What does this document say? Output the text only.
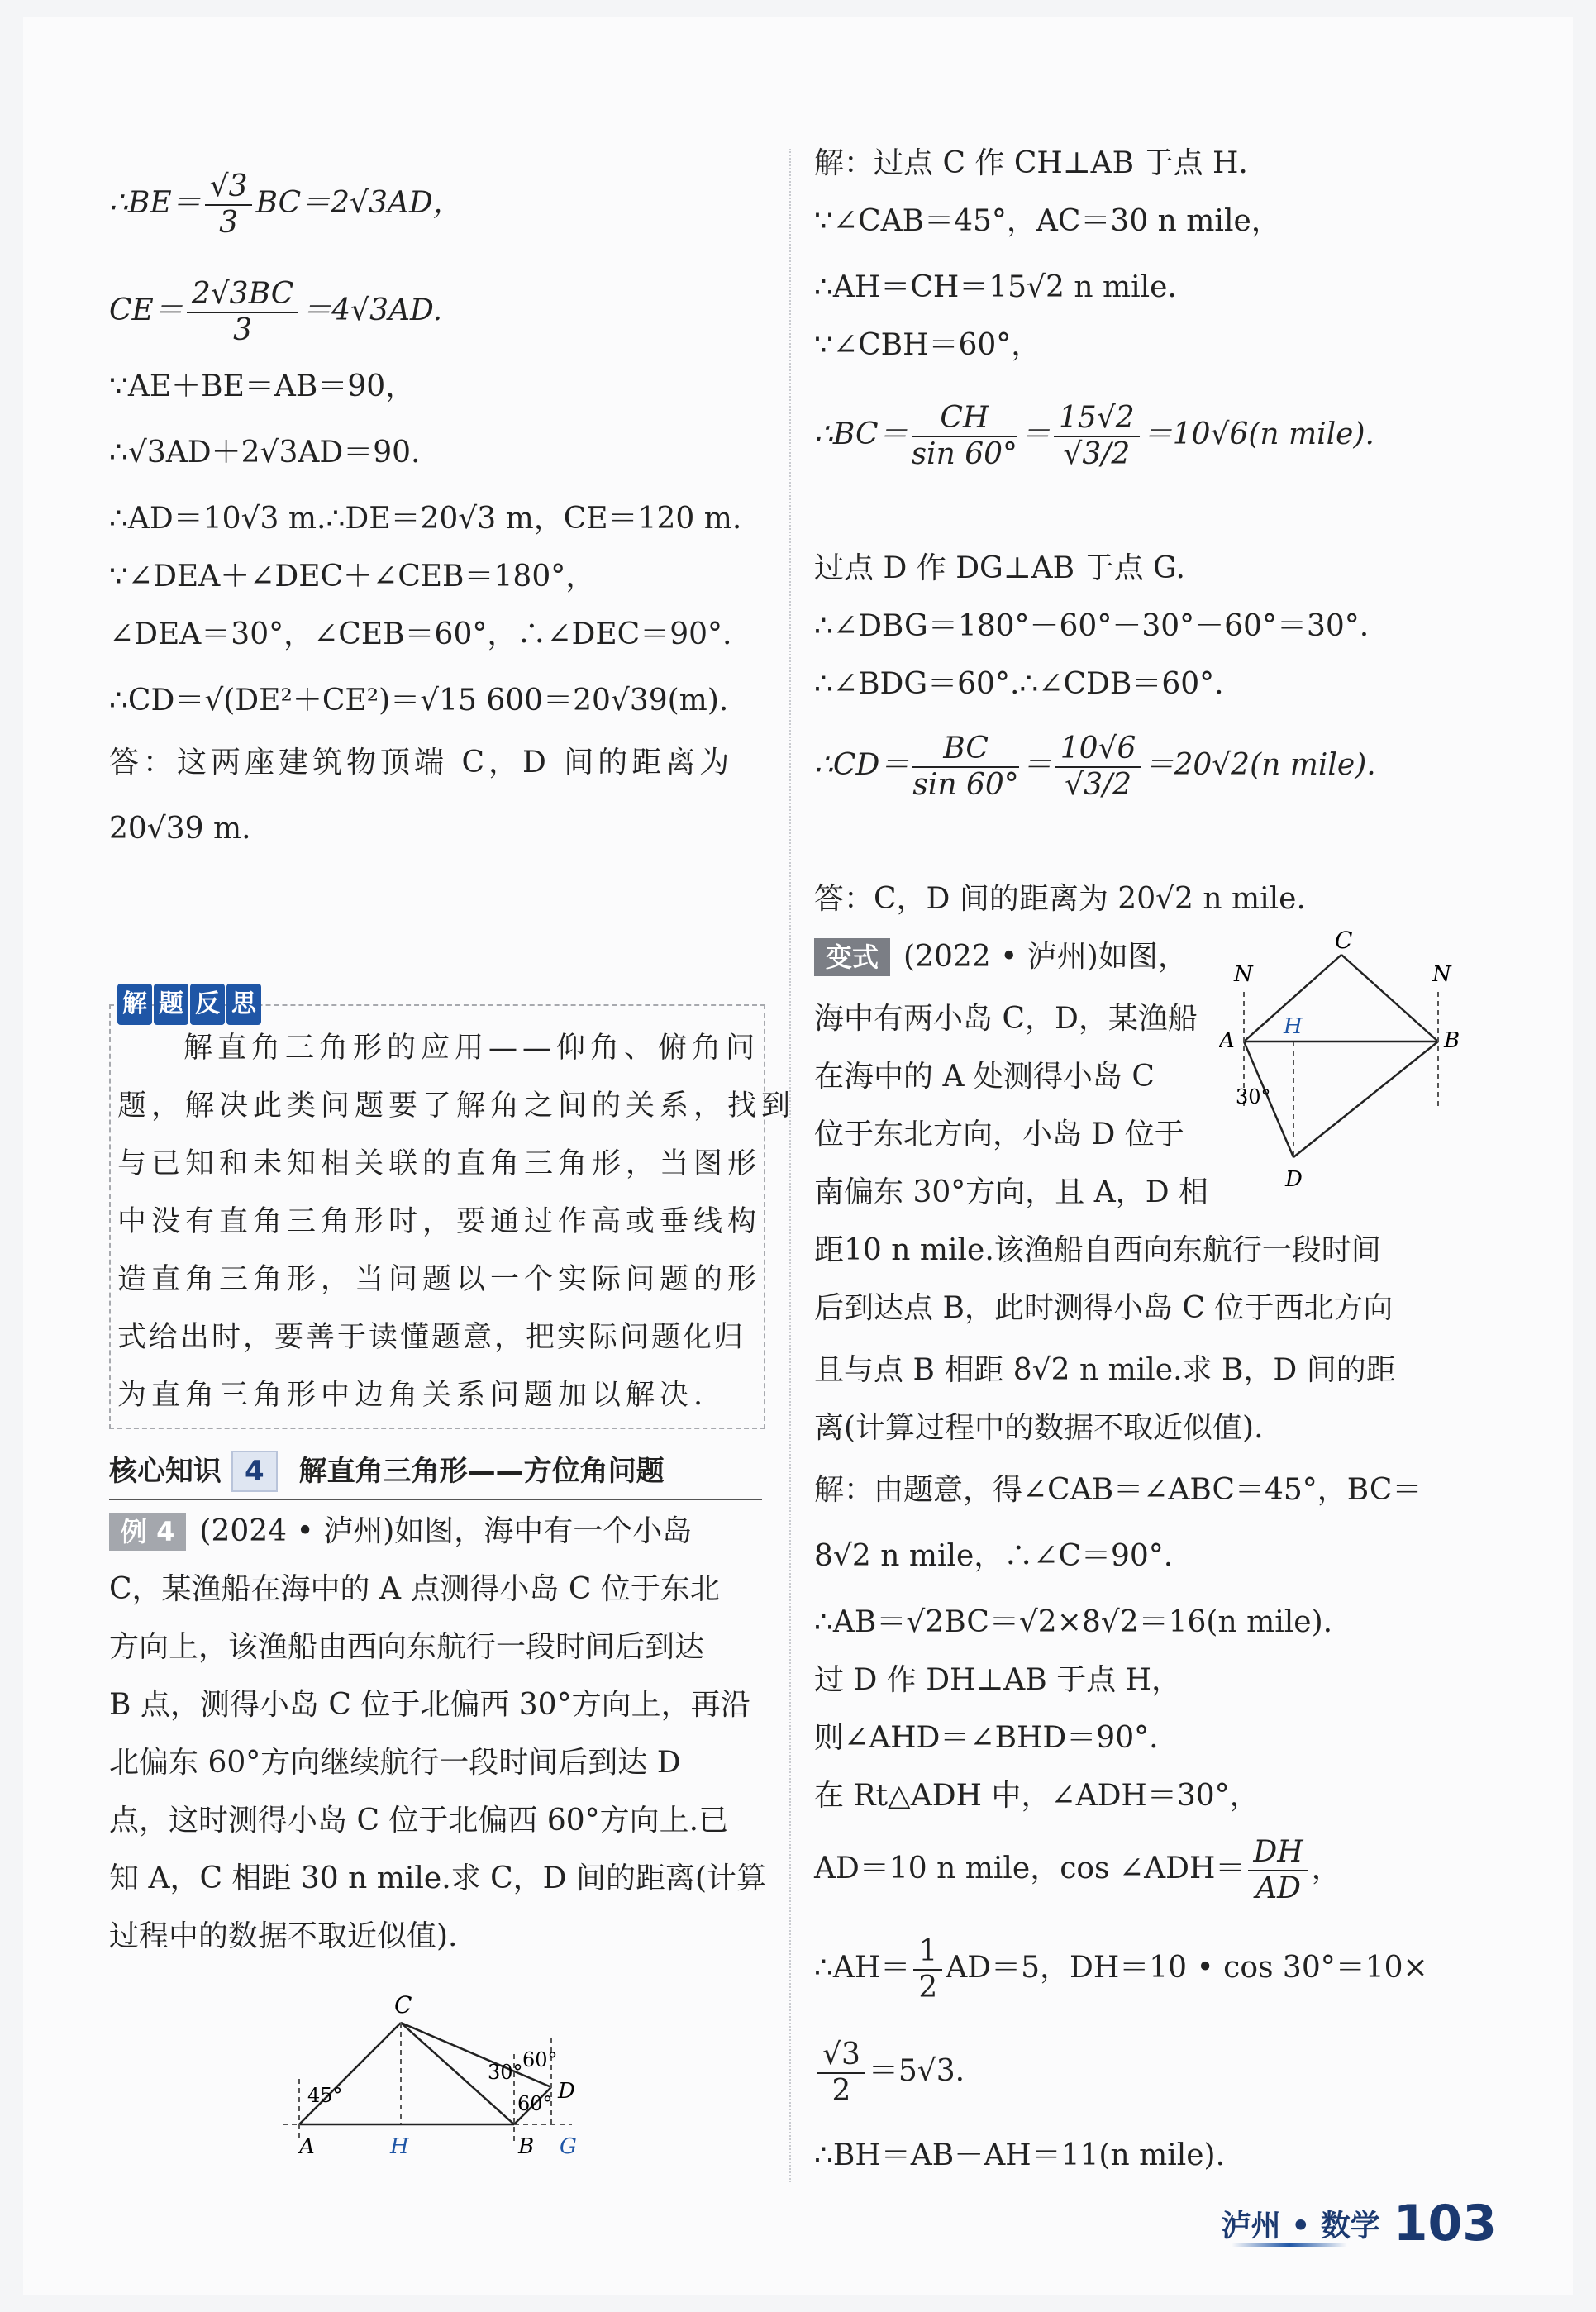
∴BE＝ $\frac{√3}{3} BC=2√3AD$，
$CE= \frac{2√3BC}{3} =4√3AD$.
∵AE＋BE＝AB＝90，
∴√3AD＋2√3AD＝90.
∴AD＝10√3 m.∴DE＝20√3 m，CE＝120 m.
∵∠DEA＋∠DEC＋∠CEB＝180°，
∠DEA＝30°，∠CEB＝60°，∴∠DEC＝90°.
∴CD＝√(DE²＋CE²)＝√15 600＝20√39(m).
答：这两座建筑物顶端 C，D 间的距离为
20√39 m.
解 题 反 思
解直角三角形的应用——仰角、俯角问
题，解决此类问题要了解角之间的关系，找到
与已知和未知相关联的直角三角形，当图形
中没有直角三角形时，要通过作高或垂线构
造直角三角形，当问题以一个实际问题的形
式给出时，要善于读懂题意，把实际问题化归
为直角三角形中边角关系问题加以解决.
核心知识 4 解直角三角形——方位角问题
例 4 (2024 • 泸州)如图，海中有一个小岛
C，某渔船在海中的 A 点测得小岛 C 位于东北
方向上，该渔船由西向东航行一段时间后到达
B 点，测得小岛 C 位于北偏西 30°方向上，再沿
北偏东 60°方向继续航行一段时间后到达 D
点，这时测得小岛 C 位于北偏西 60°方向上.已
知 A，C 相距 30 n mile.求 C，D 间的距离(计算
过程中的数据不取近似值).
C
A	H	B G
D
45°
30°
60°
60°
解：过点 C 作 CH⊥AB 于点 H.
∵∠CAB＝45°，AC＝30 n mile，
∴AH＝CH＝15√2 n mile.
∵∠CBH＝60°，
∴BC＝ $\frac{CH}{\sin 60^\circ} = \frac{15√2}{√3/2} =10√6(n$ mile).
过点 D 作 DG⊥AB 于点 G.
∴∠DBG＝180°－60°－30°－60°＝30°.
∴∠BDG＝60°.∴∠CDB＝60°.
∴CD＝ $\frac{BC}{\sin 60^\circ} = \frac{10√6}{√3/2} =20√2(n$ mile).
答：C，D 间的距离为 20√2 n mile.
变式 (2022 • 泸州)如图，
海中有两小岛 C，D，某渔船
在海中的 A 处测得小岛 C
位于东北方向，小岛 D 位于
南偏东 30°方向，且 A，D 相
距10 n mile.该渔船自西向东航行一段时间
后到达点 B，此时测得小岛 C 位于西北方向
且与点 B 相距 8√2 n mile.求 B，D 间的距
离(计算过程中的数据不取近似值).
C
N	N
A
H
B
D
30°
解：由题意，得∠CAB＝∠ABC＝45°，BC＝
8√2 n mile，∴∠C＝90°.
∴AB＝√2BC＝√2×8√2＝16(n mile).
过 D 作 DH⊥AB 于点 H，
则∠AHD＝∠BHD＝90°.
在 Rt△ADH 中，∠ADH＝30°，
AD＝10 n mile，cos ∠ADH＝ $\frac{DH}{AD}$ ，
∴AH＝ $\frac{1}{2} AD=5$，DH＝10 • cos 30°＝10×
$\frac{√3}{2} =5√3$.
∴BH＝AB－AH＝11(n mile).
泸州 • 数学 103
